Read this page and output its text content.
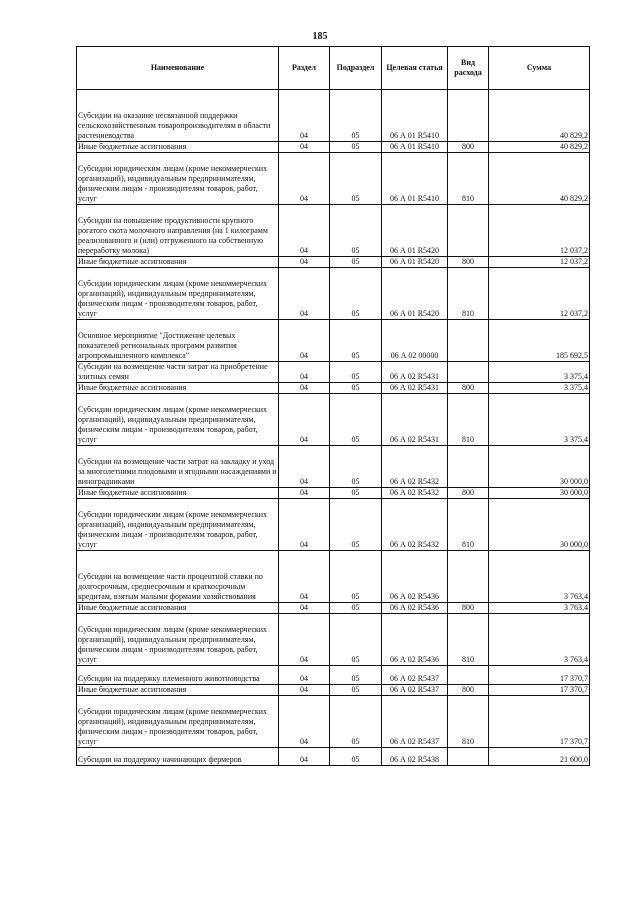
185
Наименование	Раздел	Подраздел	Целевая статья	Вид расхода	Сумма
Субсидии на оказание несвязанной поддержки сельскохозяйственным товаропроизводителям в области растениеводства	04	05	06 А 01 R5410		40 829,2
Иные бюджетные ассигнования	04	05	06 А 01 R5410	800	40 829,2
Субсидии юридическим лицам (кроме некоммерческих организаций), индивидуальным предпринимателям, физическим лицам - производителям товаров, работ, услуг	04	05	06 А 01 R5410	810	40 829,2
Субсидии на повышение продуктивности крупного рогатого скота молочного направления (на 1 килограмм реализованного и (или) отгруженного на собственную переработку молока)	04	05	06 А 01 R5420		12 037,2
Иные бюджетные ассигнования	04	05	06 А 01 R5420	800	12 037,2
Субсидии юридическим лицам (кроме некоммерческих организаций), индивидуальным предпринимателям, физическим лицам - производителям товаров, работ, услуг	04	05	06 А 01 R5420	810	12 037,2
Основное мероприятие "Достижение целевых показателей региональных программ развития агропромышленного комплекса"	04	05	06 А 02 00000		185 692,5
Субсидии на возмещение части затрат на приобретение элитных семян	04	05	06 А 02 R5431		3 375,4
Иные бюджетные ассигнования	04	05	06 А 02 R5431	800	3 375,4
Субсидии юридическим лицам (кроме некоммерческих организаций), индивидуальным предпринимателям, физическим лицам - производителям товаров, работ, услуг	04	05	06 А 02 R5431	810	3 375,4
Субсидии на возмещение части затрат на закладку и уход за многолетними плодовыми и ягодными насаждениями и виноградниками	04	05	06 А 02 R5432		30 000,0
Иные бюджетные ассигнования	04	05	06 А 02 R5432	800	30 000,0
Субсидии юридическим лицам (кроме некоммерческих организаций), индивидуальным предпринимателям, физическим лицам - производителям товаров, работ, услуг	04	05	06 А 02 R5432	810	30 000,0
Субсидии на возмещение части процентной ставки по долгосрочным, среднесрочным и краткосрочным кредитам, взятым малыми формами хозяйствования	04	05	06 А 02 R5436		3 763,4
Иные бюджетные ассигнования	04	05	06 А 02 R5436	800	3 763,4
Субсидии юридическим лицам (кроме некоммерческих организаций), индивидуальным предпринимателям, физическим лицам - производителям товаров, работ, услуг	04	05	06 А 02 R5436	810	3 763,4
Субсидии на поддержку племенного животноводства	04	05	06 А 02 R5437		17 370,7
Иные бюджетные ассигнования	04	05	06 А 02 R5437	800	17 370,7
Субсидии юридическим лицам (кроме некоммерческих организаций), индивидуальным предпринимателям, физическим лицам - производителям товаров, работ, услуг	04	05	06 А 02 R5437	810	17 370,7
Субсидии на поддержку начинающих фермеров	04	05	06 А 02 R5438		21 600,0
